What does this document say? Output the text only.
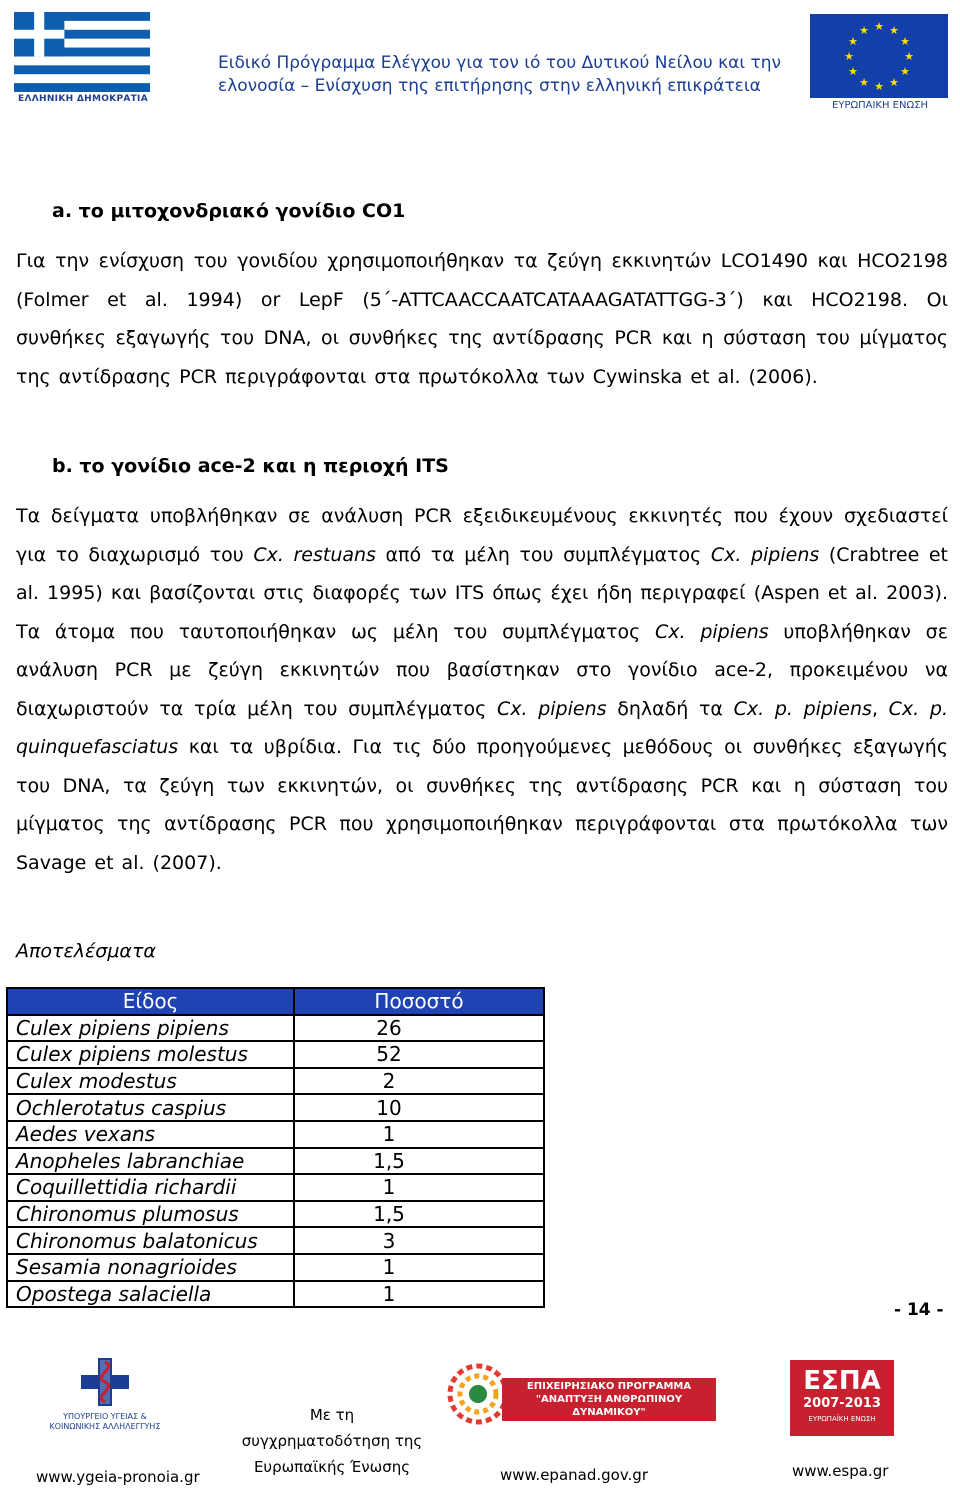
ΕΛΛΗΝΙΚΗ ΔΗΜΟΚΡΑΤΙΑ
Ειδικό Πρόγραμμα Ελέγχου για τον ιό του Δυτικού Νείλου και την
ελονοσία – Ενίσχυση της επιτήρησης στην ελληνική επικράτεια
★ ★
★
★
★
★
★
★
★
★
★
★
ΕΥΡΩΠΑΙΚΗ ΕΝΩΣΗ
a. το μιτοχονδριακό γονίδιο CO1
Για την ενίσχυση του γονιδίου χρησιμοποιήθηκαν τα ζεύγη εκκινητών LCO1490 και HCO2198 (Folmer et al. 1994) or LepF (5΄-ATTCAACCAATCATAAAGATATTGG-3΄) και HCO2198. Οι συνθήκες εξαγωγής του DNA, οι συνθήκες της αντίδρασης PCR και η σύσταση του μίγματος της αντίδρασης PCR περιγράφονται στα πρωτόκολλα των Cywinska et al. (2006).
b. το γονίδιο ace-2 και η περιοχή ITS
Τα δείγματα υποβλήθηκαν σε ανάλυση PCR εξειδικευμένους εκκινητές που έχουν σχεδιαστεί για το διαχωρισμό του Cx. restuans από τα μέλη του συμπλέγματος Cx. pipiens (Crabtree et al. 1995) και βασίζονται στις διαφορές των ITS όπως έχει ήδη περιγραφεί (Aspen et al. 2003). Τα άτομα που ταυτοποιήθηκαν ως μέλη του συμπλέγματος Cx. pipiens υποβλήθηκαν σε ανάλυση PCR με ζεύγη εκκινητών που βασίστηκαν στο γονίδιο ace-2, προκειμένου να διαχωριστούν τα τρία μέλη του συμπλέγματος Cx. pipiens δηλαδή τα Cx. p. pipiens, Cx. p. quinquefasciatus και τα υβρίδια. Για τις δύο προηγούμενες μεθόδους οι συνθήκες εξαγωγής του DNA, τα ζεύγη των εκκινητών, οι συνθήκες της αντίδρασης PCR και η σύσταση του μίγματος της αντίδρασης PCR που χρησιμοποιήθηκαν περιγράφονται στα πρωτόκολλα των Savage et al. (2007).
Αποτελέσματα
Είδος	Ποσοστό
Culex pipiens pipiens	26
Culex pipiens molestus	52
Culex modestus	2
Ochlerotatus caspius	10
Aedes vexans	1
Anopheles labranchiae	1,5
Coquillettidia richardii	1
Chironomus plumosus	1,5
Chironomus balatonicus	3
Sesamia nonagrioides	1
Opostega salaciella	1
- 14 -
ΥΠΟΥΡΓΕΙΟ ΥΓΕΙΑΣ &
ΚΟΙΝΩΝΙΚΗΣ ΑΛΛΗΛΕΓΓΥΗΣ
www.ygeia-pronoia.gr
Με τη
συγχρηματοδότηση της
Ευρωπαϊκής Ένωσης
ΕΠΙΧΕΙΡΗΣΙΑΚΟ ΠΡΟΓΡΑΜΜΑ
"ΑΝΑΠΤΥΞΗ ΑΝΘΡΩΠΙΝΟΥ ΔΥΝΑΜΙΚΟΥ"
www.epanad.gov.gr
ΕΣΠΑ
2007-2013
ΕΥΡΩΠΑΪΚΗ ΕΝΩΣΗ
www.espa.gr
